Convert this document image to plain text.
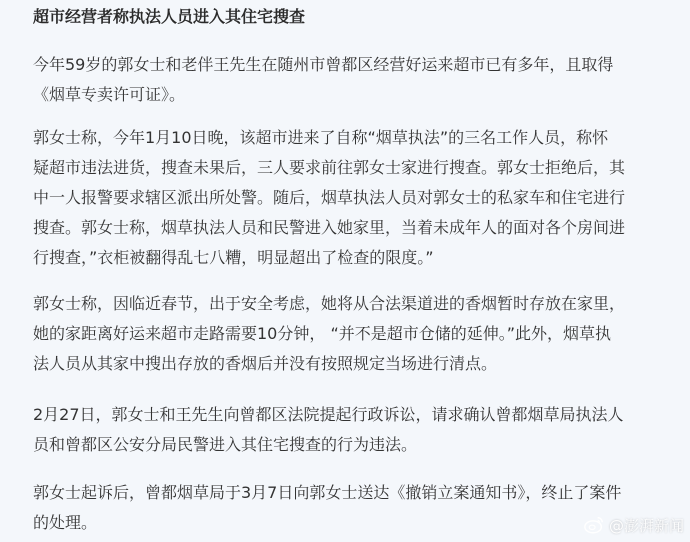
超市经营者称执法人员进入其住宅搜查

今年59岁的郭女士和老伴王先生在随州市曾都区经营好运来超市已有多年，且取得
《烟草专卖许可证》。

郭女士称，今年1月10日晚，该超市进来了自称“烟草执法”的三名工作人员，称怀
疑超市违法进货，搜查未果后，三人要求前往郭女士家进行搜查。郭女士拒绝后，其
中一人报警要求辖区派出所处警。随后，烟草执法人员对郭女士的私家车和住宅进行
搜查。郭女士称，烟草执法人员和民警进入她家里，当着未成年人的面对各个房间进
行搜查，”衣柜被翻得乱七八糟，明显超出了检查的限度。”

郭女士称，因临近春节，出于安全考虑，她将从合法渠道进的香烟暂时存放在家里，
她的家距离好运来超市走路需要10分钟， “并不是超市仓储的延伸。”此外，烟草执
法人员从其家中搜出存放的香烟后并没有按照规定当场进行清点。

2月27日，郭女士和王先生向曾都区法院提起行政诉讼，请求确认曾都烟草局执法人
员和曾都区公安分局民警进入其住宅搜查的行为违法。

郭女士起诉后，曾都烟草局于3月7日向郭女士送达《撤销立案通知书》，终止了案件
的处理。	@澎湃新闻
